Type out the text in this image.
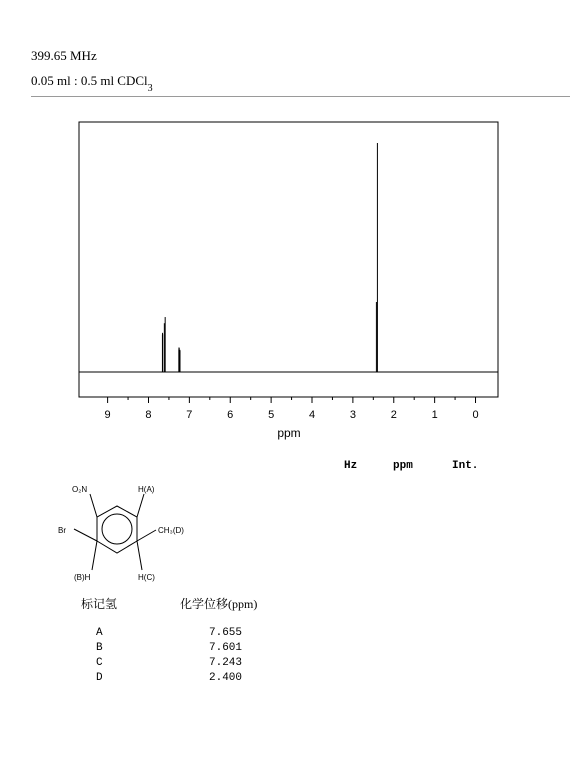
399.65 MHz
0.05 ml : 0.5 ml CDCl$_3$
9	8	7	6	5	4	3	2	1	0
ppm
O₂N	H(A)
Br	CH₃(D)
(B)H	H(C)
标记氢	化学位移(ppm)
A	7.655
B	7.601
C	7.243
D	2.400
Hz	ppm	Int.
